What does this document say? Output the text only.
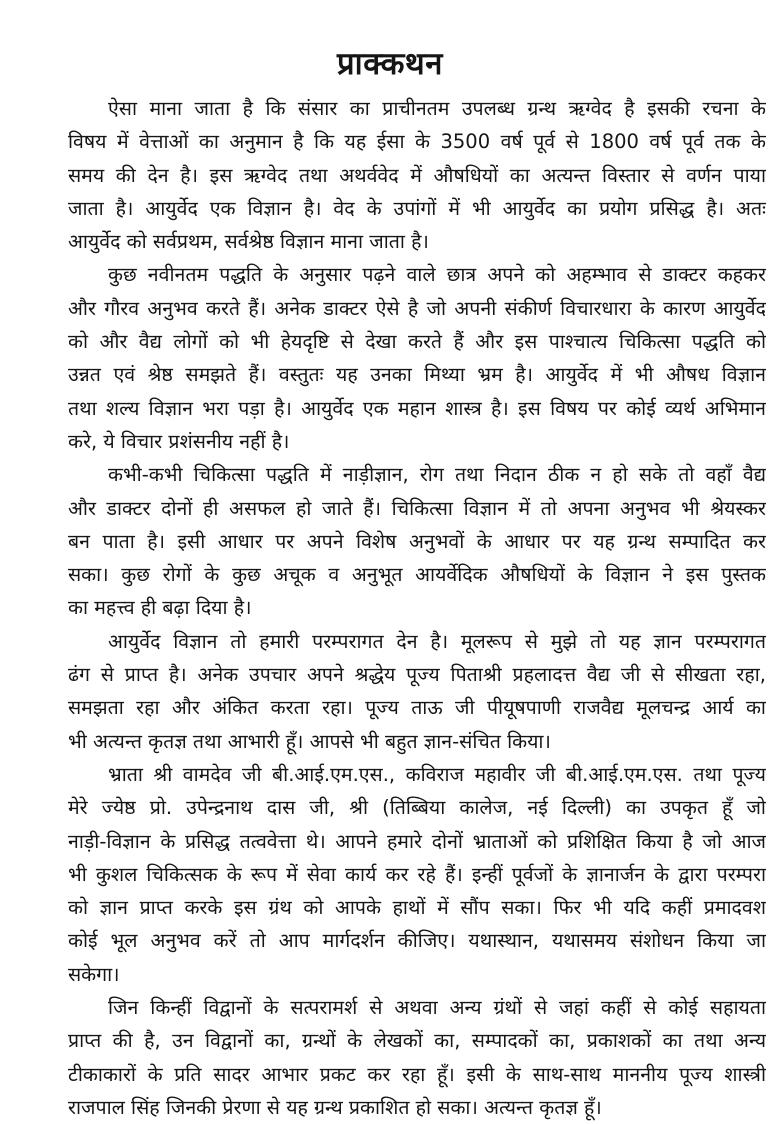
प्राक्कथन
ऐसा माना जाता है कि संसार का प्राचीनतम उपलब्ध ग्रन्थ ऋग्वेद है इसकी रचना के
विषय में वेत्ताओं का अनुमान है कि यह ईसा के 3500 वर्ष पूर्व से 1800 वर्ष पूर्व तक के
समय की देन है। इस ऋग्वेद तथा अथर्ववेद में औषधियों का अत्यन्त विस्तार से वर्णन पाया
जाता है। आयुर्वेद एक विज्ञान है। वेद के उपांगों में भी आयुर्वेद का प्रयोग प्रसिद्ध है। अतः
आयुर्वेद को सर्वप्रथम, सर्वश्रेष्ठ विज्ञान माना जाता है।
कुछ नवीनतम पद्धति के अनुसार पढ़ने वाले छात्र अपने को अहम्भाव से डाक्टर कहकर
और गौरव अनुभव करते हैं। अनेक डाक्टर ऐसे है जो अपनी संकीर्ण विचारधारा के कारण आयुर्वेद
को और वैद्य लोगों को भी हेयदृष्टि से देखा करते हैं और इस पाश्चात्य चिकित्सा पद्धति को
उन्नत एवं श्रेष्ठ समझते हैं। वस्तुतः यह उनका मिथ्या भ्रम है। आयुर्वेद में भी औषध विज्ञान
तथा शल्य विज्ञान भरा पड़ा है। आयुर्वेद एक महान शास्त्र है। इस विषय पर कोई व्यर्थ अभिमान
करे, ये विचार प्रशंसनीय नहीं है।
कभी-कभी चिकित्सा पद्धति में नाड़ीज्ञान, रोग तथा निदान ठीक न हो सके तो वहाँ वैद्य
और डाक्टर दोनों ही असफल हो जाते हैं। चिकित्सा विज्ञान में तो अपना अनुभव भी श्रेयस्कर
बन पाता है। इसी आधार पर अपने विशेष अनुभवों के आधार पर यह ग्रन्थ सम्पादित कर
सका। कुछ रोगों के कुछ अचूक व अनुभूत आयर्वेदिक औषधियों के विज्ञान ने इस पुस्तक
का महत्त्व ही बढ़ा दिया है।
आयुर्वेद विज्ञान तो हमारी परम्परागत देन है। मूलरूप से मुझे तो यह ज्ञान परम्परागत
ढंग से प्राप्त है। अनेक उपचार अपने श्रद्धेय पूज्य पिताश्री प्रहलादत्त वैद्य जी से सीखता रहा,
समझता रहा और अंकित करता रहा। पूज्य ताऊ जी पीयूषपाणी राजवैद्य मूलचन्द्र आर्य का
भी अत्यन्त कृतज्ञ तथा आभारी हूँ। आपसे भी बहुत ज्ञान-संचित किया।
भ्राता श्री वामदेव जी बी.आई.एम.एस., कविराज महावीर जी बी.आई.एम.एस. तथा पूज्य
मेरे ज्येष्ठ प्रो. उपेन्द्रनाथ दास जी, श्री (तिब्बिया कालेज, नई दिल्ली) का उपकृत हूँ जो
नाड़ी-विज्ञान के प्रसिद्ध तत्ववेत्ता थे। आपने हमारे दोनों भ्राताओं को प्रशिक्षित किया है जो आज
भी कुशल चिकित्सक के रूप में सेवा कार्य कर रहे हैं। इन्हीं पूर्वजों के ज्ञानार्जन के द्वारा परम्परा
को ज्ञान प्राप्त करके इस ग्रंथ को आपके हाथों में सौंप सका। फिर भी यदि कहीं प्रमादवश
कोई भूल अनुभव करें तो आप मार्गदर्शन कीजिए। यथास्थान, यथासमय संशोधन किया जा
सकेगा।
जिन किन्हीं विद्वानों के सत्परामर्श से अथवा अन्य ग्रंथों से जहां कहीं से कोई सहायता
प्राप्त की है, उन विद्वानों का, ग्रन्थों के लेखकों का, सम्पादकों का, प्रकाशकों का तथा अन्य
टीकाकारों के प्रति सादर आभार प्रकट कर रहा हूँ। इसी के साथ-साथ माननीय पूज्य शास्त्री
राजपाल सिंह जिनकी प्रेरणा से यह ग्रन्थ प्रकाशित हो सका। अत्यन्त कृतज्ञ हूँ।
